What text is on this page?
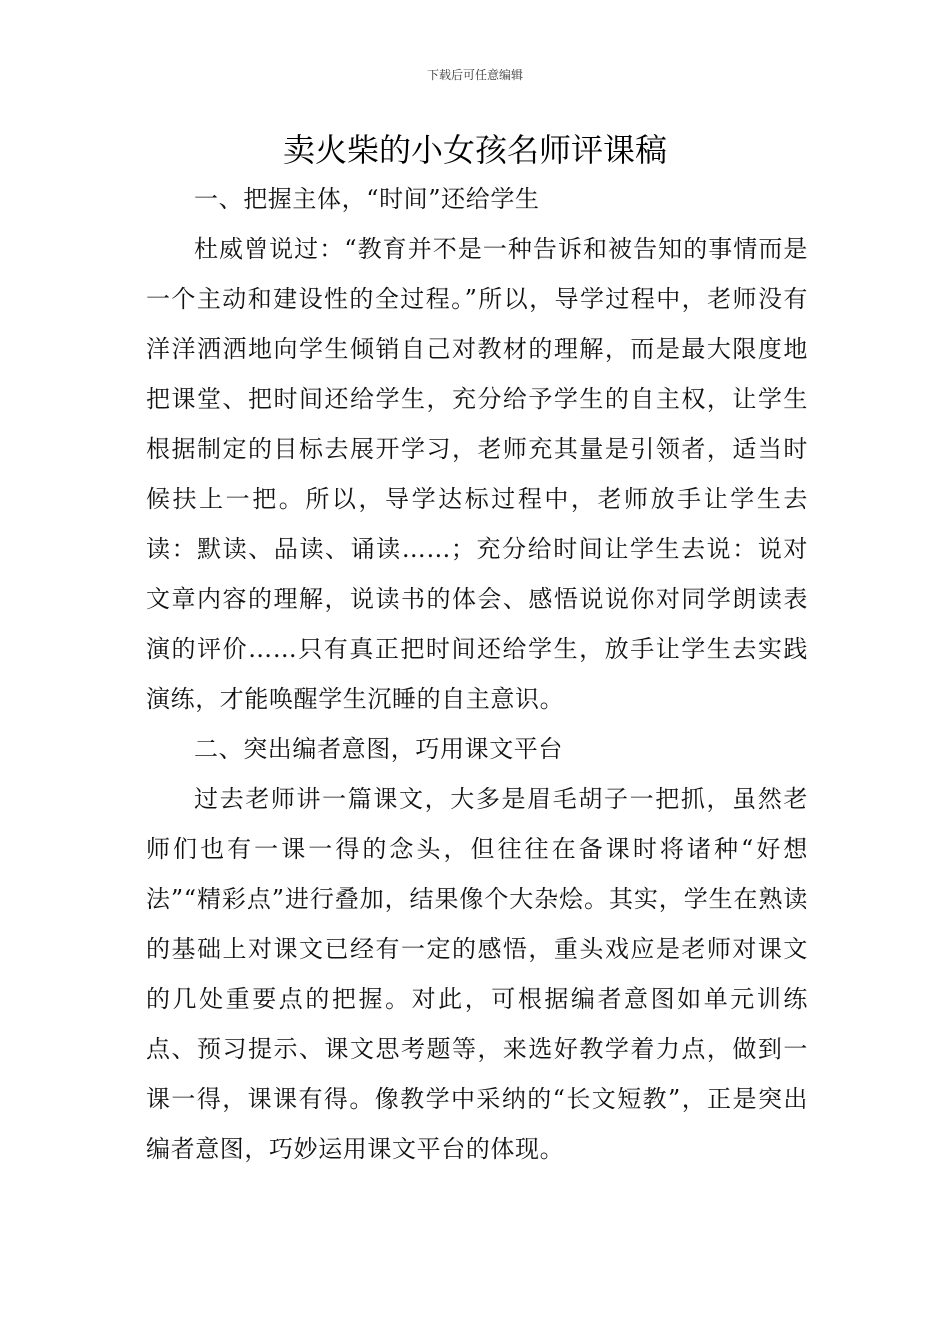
下载后可任意编辑
卖火柴的小女孩名师评课稿

一、把握主体，“时间”还给学生

杜威曾说过：“教育并不是一种告诉和被告知的事情而是一个主动和建设性的全过程。”所以，导学过程中，老师没有洋洋洒洒地向学生倾销自己对教材的理解，而是最大限度地把课堂、把时间还给学生，充分给予学生的自主权，让学生根据制定的目标去展开学习，老师充其量是引领者，适当时候扶上一把。所以，导学达标过程中，老师放手让学生去读：默读、品读、诵读……；充分给时间让学生去说：说对文章内容的理解，说读书的体会、感悟说说你对同学朗读表演的评价……只有真正把时间还给学生，放手让学生去实践演练，才能唤醒学生沉睡的自主意识。

二、突出编者意图，巧用课文平台

过去老师讲一篇课文，大多是眉毛胡子一把抓，虽然老师们也有一课一得的念头，但往往在备课时将诸种“好想法”“精彩点”进行叠加，结果像个大杂烩。其实，学生在熟读的基础上对课文已经有一定的感悟，重头戏应是老师对课文的几处重要点的把握。对此，可根据编者意图如单元训练点、预习提示、课文思考题等，来选好教学着力点，做到一课一得，课课有得。像教学中采纳的“长文短教”，正是突出编者意图，巧妙运用课文平台的体现。
